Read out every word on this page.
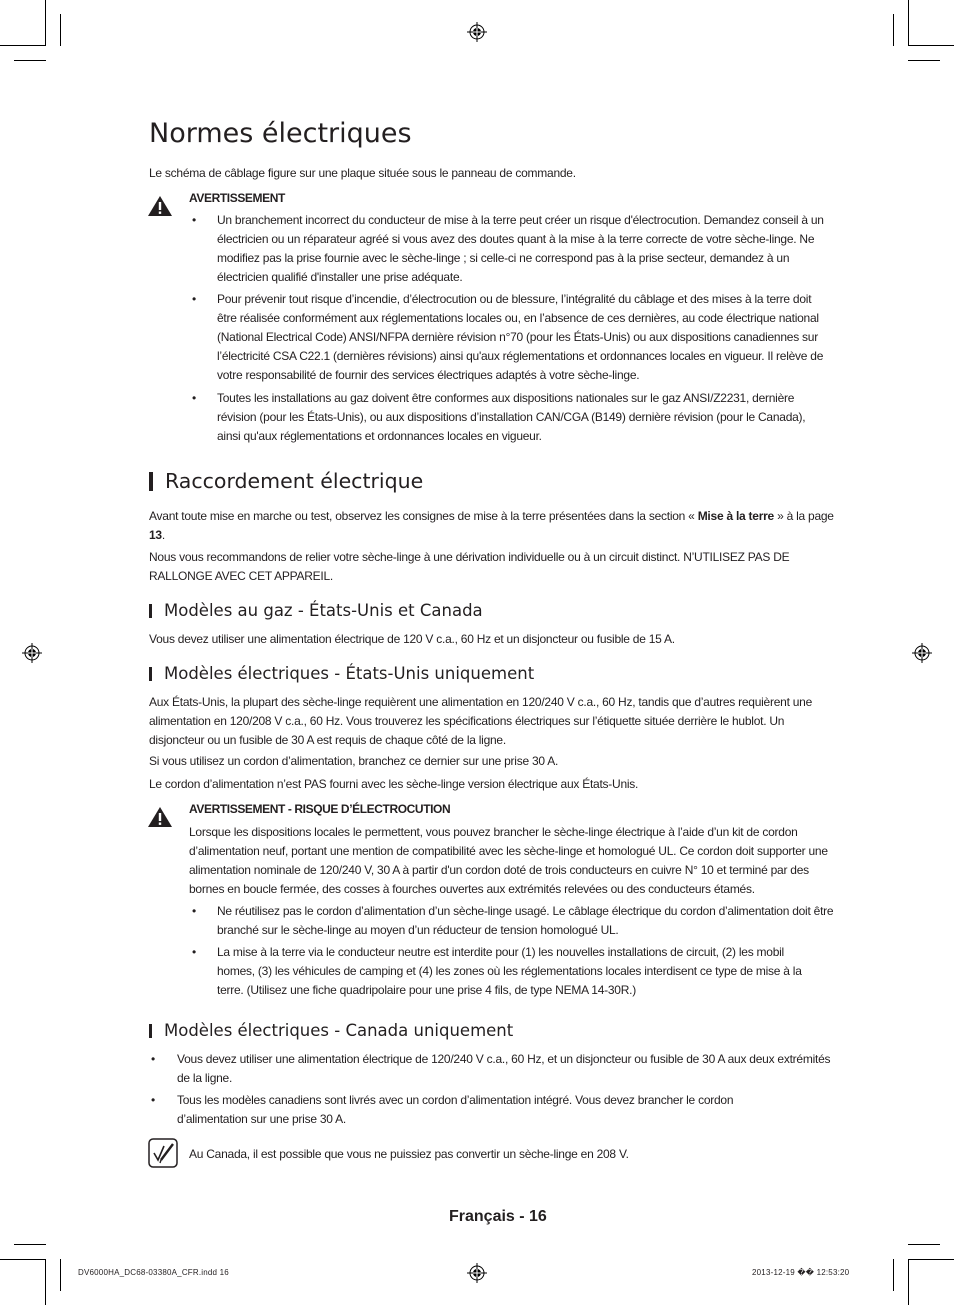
Normes électriques

Le schéma de câblage figure sur une plaque située sous le panneau de commande.

AVERTISSEMENT

• Un branchement incorrect du conducteur de mise à la terre peut créer un risque d'électrocution. Demandez conseil à un électricien ou un réparateur agréé si vous avez des doutes quant à la mise à la terre correcte de votre sèche-linge. Ne modifiez pas la prise fournie avec le sèche-linge ; si celle-ci ne correspond pas à la prise secteur, demandez à un électricien qualifié d'installer une prise adéquate.

• Pour prévenir tout risque d’incendie, d’électrocution ou de blessure, l’intégralité du câblage et des mises à la terre doit être réalisée conformément aux réglementations locales ou, en l’absence de ces dernières, au code électrique national (National Electrical Code) ANSI/NFPA dernière révision n°70 (pour les États-Unis) ou aux dispositions canadiennes sur l’électricité CSA C22.1 (dernières révisions) ainsi qu'aux réglementations et ordonnances locales en vigueur. Il relève de votre responsabilité de fournir des services électriques adaptés à votre sèche-linge.

• Toutes les installations au gaz doivent être conformes aux dispositions nationales sur le gaz ANSI/Z2231, dernière révision (pour les États-Unis), ou aux dispositions d’installation CAN/CGA (B149) dernière révision (pour le Canada), ainsi qu'aux réglementations et ordonnances locales en vigueur.

Raccordement électrique

Avant toute mise en marche ou test, observez les consignes de mise à la terre présentées dans la section « Mise à la terre » à la page 13.

Nous vous recommandons de relier votre sèche-linge à une dérivation individuelle ou à un circuit distinct. N’UTILISEZ PAS DE RALLONGE AVEC CET APPAREIL.

Modèles au gaz - États-Unis et Canada

Vous devez utiliser une alimentation électrique de 120 V c.a., 60 Hz et un disjoncteur ou fusible de 15 A.

Modèles électriques - États-Unis uniquement

Aux États-Unis, la plupart des sèche-linge requièrent une alimentation en 120/240 V c.a., 60 Hz, tandis que d’autres requièrent une alimentation en 120/208 V c.a., 60 Hz. Vous trouverez les spécifications électriques sur l’étiquette située derrière le hublot. Un disjoncteur ou un fusible de 30 A est requis de chaque côté de la ligne.

Si vous utilisez un cordon d’alimentation, branchez ce dernier sur une prise 30 A.

Le cordon d’alimentation n’est PAS fourni avec les sèche-linge version électrique aux États-Unis.

AVERTISSEMENT - RISQUE D’ÉLECTROCUTION

Lorsque les dispositions locales le permettent, vous pouvez brancher le sèche-linge électrique à l’aide d’un kit de cordon d’alimentation neuf, portant une mention de compatibilité avec les sèche-linge et homologué UL. Ce cordon doit supporter une alimentation nominale de 120/240 V, 30 A à partir d'un cordon doté de trois conducteurs en cuivre N° 10 et terminé par des bornes en boucle fermée, des cosses à fourches ouvertes aux extrémités relevées ou des conducteurs étamés.

• Ne réutilisez pas le cordon d’alimentation d’un sèche-linge usagé. Le câblage électrique du cordon d’alimentation doit être branché sur le sèche-linge au moyen d’un réducteur de tension homologué UL.

• La mise à la terre via le conducteur neutre est interdite pour (1) les nouvelles installations de circuit, (2) les mobil homes, (3) les véhicules de camping et (4) les zones où les réglementations locales interdisent ce type de mise à la terre. (Utilisez une fiche quadripolaire pour une prise 4 fils, de type NEMA 14-30R.)

Modèles électriques - Canada uniquement
• Vous devez utiliser une alimentation électrique de 120/240 V c.a., 60 Hz, et un disjoncteur ou fusible de 30 A aux deux extrémités de la ligne.

• Tous les modèles canadiens sont livrés avec un cordon d’alimentation intégré. Vous devez brancher le cordon d’alimentation sur une prise 30 A.

Au Canada, il est possible que vous ne puissiez pas convertir un sèche-linge en 208 V.

Français - 16
DV6000HA_DC68-03380A_CFR.indd 16	2013-12-19 �� 12:53:20
